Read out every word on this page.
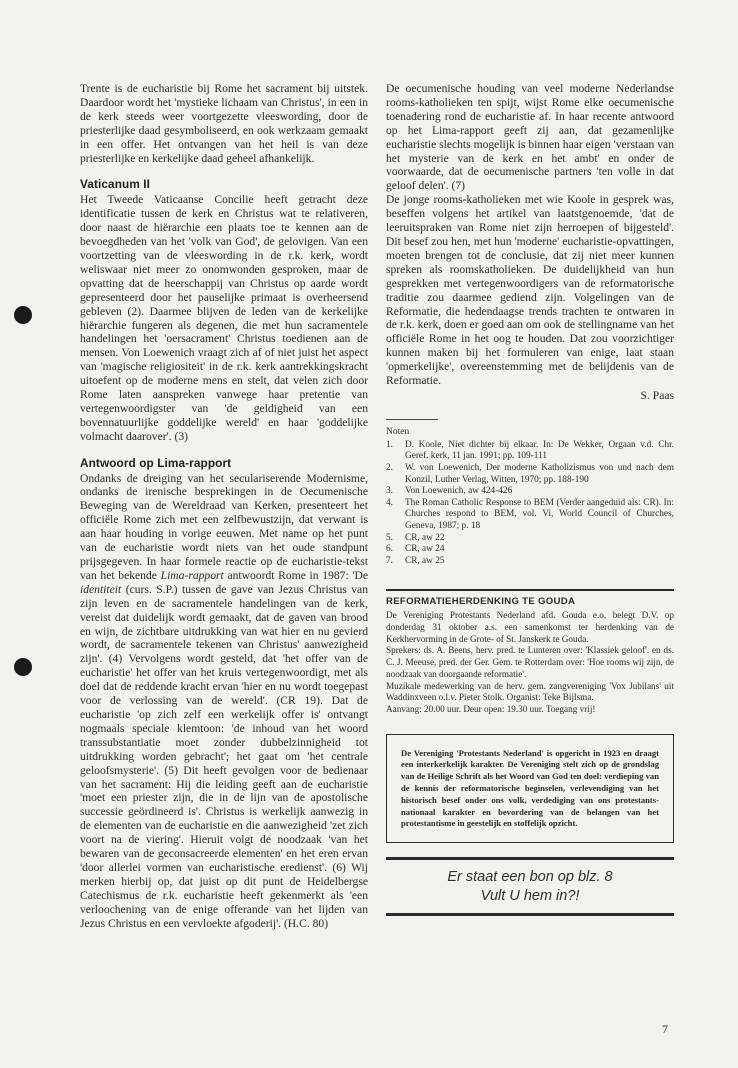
Trente is de eucharistie bij Rome het sacrament bij uitstek. Daardoor wordt het 'mystieke lichaam van Christus', in een in de kerk steeds weer voortgezette vleeswording, door de priesterlijke daad gesymboliseerd, en ook werkzaam gemaakt in een offer. Het ontvangen van het heil is van deze priesterlijke en kerkelijke daad geheel afhankelijk.

Vaticanum II

Het Tweede Vaticaanse Concilie heeft getracht deze identificatie tussen de kerk en Christus wat te relativeren, door naast de hiërarchie een plaats toe te kennen aan de bevoegdheden van het 'volk van God', de gelovigen. Van een voortzetting van de vleeswording in de r.k. kerk, wordt weliswaar niet meer zo onomwonden gesproken, maar de opvatting dat de heerschappij van Christus op aarde wordt gepresenteerd door het pauselijke primaat is overheersend gebleven (2). Daarmee blijven de leden van de kerkelijke hiërarchie fungeren als degenen, die met hun sacramentele handelingen het 'oersacrament' Christus toedienen aan de mensen. Von Loewenich vraagt zich af of niet juist het aspect van 'magische religiositeit' in de r.k. kerk aantrekkingskracht uitoefent op de moderne mens en stelt, dat velen zich door Rome laten aanspreken vanwege haar pretentie van vertegenwoordigster van 'de geldigheid van een bovennatuurlijke goddelijke wereld' en haar 'goddelijke volmacht daarover'. (3)

Antwoord op Lima-rapport

Ondanks de dreiging van het seculariserende Modernisme, ondanks de irenische besprekingen in de Oecumenische Beweging van de Wereldraad van Kerken, presenteert het officiële Rome zich met een zelfbewustzijn, dat verwant is aan haar houding in vorige eeuwen. Met name op het punt van de eucharistie wordt niets van het oude standpunt prijsgegeven. In haar formele reactie op de eucharistie-tekst van het bekende Lima-rapport antwoordt Rome in 1987: 'De identiteit (curs. S.P.) tussen de gave van Jezus Christus van zijn leven en de sacramentele handelingen van de kerk, vereist dat duidelijk wordt gemaakt, dat de gaven van brood en wijn, de zichtbare uitdrukking van wat hier en nu gevierd wordt, de sacramentele tekenen van Christus' aanwezigheid zijn'. (4) Vervolgens wordt gesteld, dat 'het offer van de eucharistie' het offer van het kruis vertegenwoordigt, met als doel dat de reddende kracht ervan 'hier en nu wordt toegepast voor de verlossing van de wereld'. (CR 19). Dat de eucharistie 'op zich zelf een werkelijk offer is' ontvangt nogmaals speciale klemtoon: 'de inhoud van het woord transsubstantiatie moet zonder dubbelzinnigheid tot uitdrukking worden gebracht'; het gaat om 'het centrale geloofsmysterie'. (5) Dit heeft gevolgen voor de bedienaar van het sacrament: Hij die leiding geeft aan de eucharistie 'moet een priester zijn, die in de lijn van de apostolische successie geördineerd is'. Christus is werkelijk aanwezig in de elementen van de eucharistie en die aanwezigheid 'zet zich voort na de viering'. Hieruit volgt de noodzaak 'van het bewaren van de geconsacreerde elementen' en het eren ervan 'door allerlei vormen van eucharistische eredienst'. (6) Wij merken hierbij op, dat juist op dit punt de Heidelbergse Catechismus de r.k. eucharistie heeft gekenmerkt als 'een verloochening van de enige offerande van het lijden van Jezus Christus en een vervloekte afgoderij'. (H.C. 80)

De oecumenische houding van veel moderne Nederlandse rooms-katholieken ten spijt, wijst Rome elke oecumenische toenadering rond de eucharistie af. In haar recente antwoord op het Lima-rapport geeft zij aan, dat gezamenlijke eucharistie slechts mogelijk is binnen haar eigen 'verstaan van het mysterie van de kerk en het ambt' en onder de voorwaarde, dat de oecumenische partners 'ten volle in dat geloof delen'. (7)

De jonge rooms-katholieken met wie Koole in gesprek was, beseffen volgens het artikel van laatstgenoemde, 'dat de leeruitspraken van Rome niet zijn herroepen of bijgesteld'. Dit besef zou hen, met hun 'moderne' eucharistie-opvattingen, moeten brengen tot de conclusie, dat zij niet meer kunnen spreken als roomskatholieken. De duidelijkheid van hun gesprekken met vertegenwoordigers van de reformatorische traditie zou daarmee gediend zijn. Volgelingen van de Reformatie, die hedendaagse trends trachten te ontwaren in de r.k. kerk, doen er goed aan om ook de stellingname van het officiële Rome in het oog te houden. Dat zou voorzichtiger kunnen maken bij het formuleren van enige, laat staan 'opmerkelijke', overeenstemming met de belijdenis van de Reformatie.

S. Paas
Noten
1.	D. Koole, Niet dichter bij elkaar. In: De Wekker, Orgaan v.d. Chr. Geref. kerk, 11 jan. 1991; pp. 109-111
2.	W. von Loewenich, Der moderne Katholizismus von und nach dem Konzil, Luther Verlag, Witten, 1970; pp. 188-190
3.	Von Loewenich, aw 424-426
4.	The Roman Catholic Response to BEM (Verder aangeduid als: CR). In: Churches respond to BEM, vol. Vi, World Council of Churches, Geneva, 1987; p. 18
5.	CR, aw 22
6.	CR, aw 24
7.	CR, aw 25
REFORMATIEHERDENKING TE GOUDA

De Vereniging Protestants Nederland afd. Gouda e.o. belegt D.V. op donderdag 31 oktober a.s. een samenkomst ter herdenking van de Kerkhervorming in de Grote- of St. Janskerk te Gouda.

Sprekers: ds. A. Beens, herv. pred. te Lunteren over: 'Klassiek geloof'. en ds. C. J. Meeuse, pred. der Ger. Gem. te Rotterdam over: 'Hoe rooms wij zijn, de noodzaak van doorgaande reformatie'.

Muzikale medewerking van de herv. gem. zangvereniging 'Vox Jubilans' uit Waddinxveen o.l.v. Pieter Stolk. Organist: Teke Bijlsma.

Aanvang: 20.00 uur. Deur open: 19.30 uur. Toegang vrij!

De Vereniging 'Protestants Nederland' is opgericht in 1923 en draagt een interkerkelijk karakter. De Vereniging stelt zich op de grondslag van de Heilige Schrift als het Woord van God ten doel: verdieping van de kennis der reformatorische beginselen, verlevendiging van het historisch besef onder ons volk, verdediging van ons protestants-nationaal karakter en bevordering van de belangen van het protestantisme in geestelijk en stoffelijk opzicht.
Er staat een bon op blz. 8
Vult U hem in?!
7
